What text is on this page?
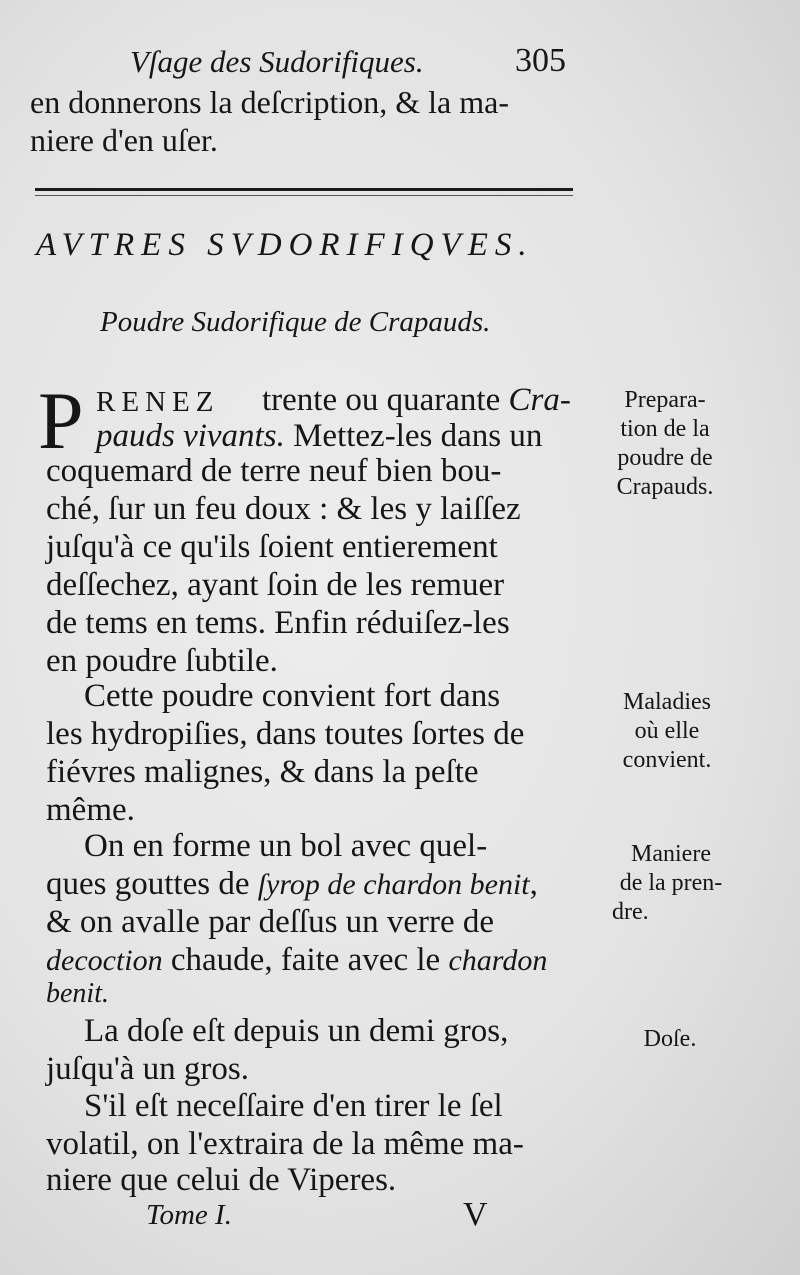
Vſage des Sudorifiques.	305
en donnerons la deſcription, & la ma-
niere d'en uſer.
AVTRES SVDORIFIQVES.
Poudre Sudorifique de Crapauds.
P RENEZ trente ou quarante Cra-
pauds vivants. Mettez-les dans un
coquemard de terre neuf bien bou-
ché, ſur un feu doux : & les y laiſſez
juſqu'à ce qu'ils ſoient entierement
deſſechez, ayant ſoin de les remuer
de tems en tems. Enfin réduiſez-les
en poudre ſubtile.
Cette poudre convient fort dans
les hydropiſies, dans toutes ſortes de
fiévres malignes, & dans la peſte
même.
On en forme un bol avec quel-
ques gouttes de ſyrop de chardon benit,
& on avalle par deſſus un verre de
decoction chaude, faite avec le chardon
benit.
La doſe eſt depuis un demi gros,
juſqu'à un gros.
S'il eſt neceſſaire d'en tirer le ſel
volatil, on l'extraira de la même ma-
niere que celui de Viperes.
Prepara-
tion de la
poudre de
Crapauds.
Maladies
où elle
convient.
Maniere
de la pren-
dre.
Doſe.
Tome I.	V
